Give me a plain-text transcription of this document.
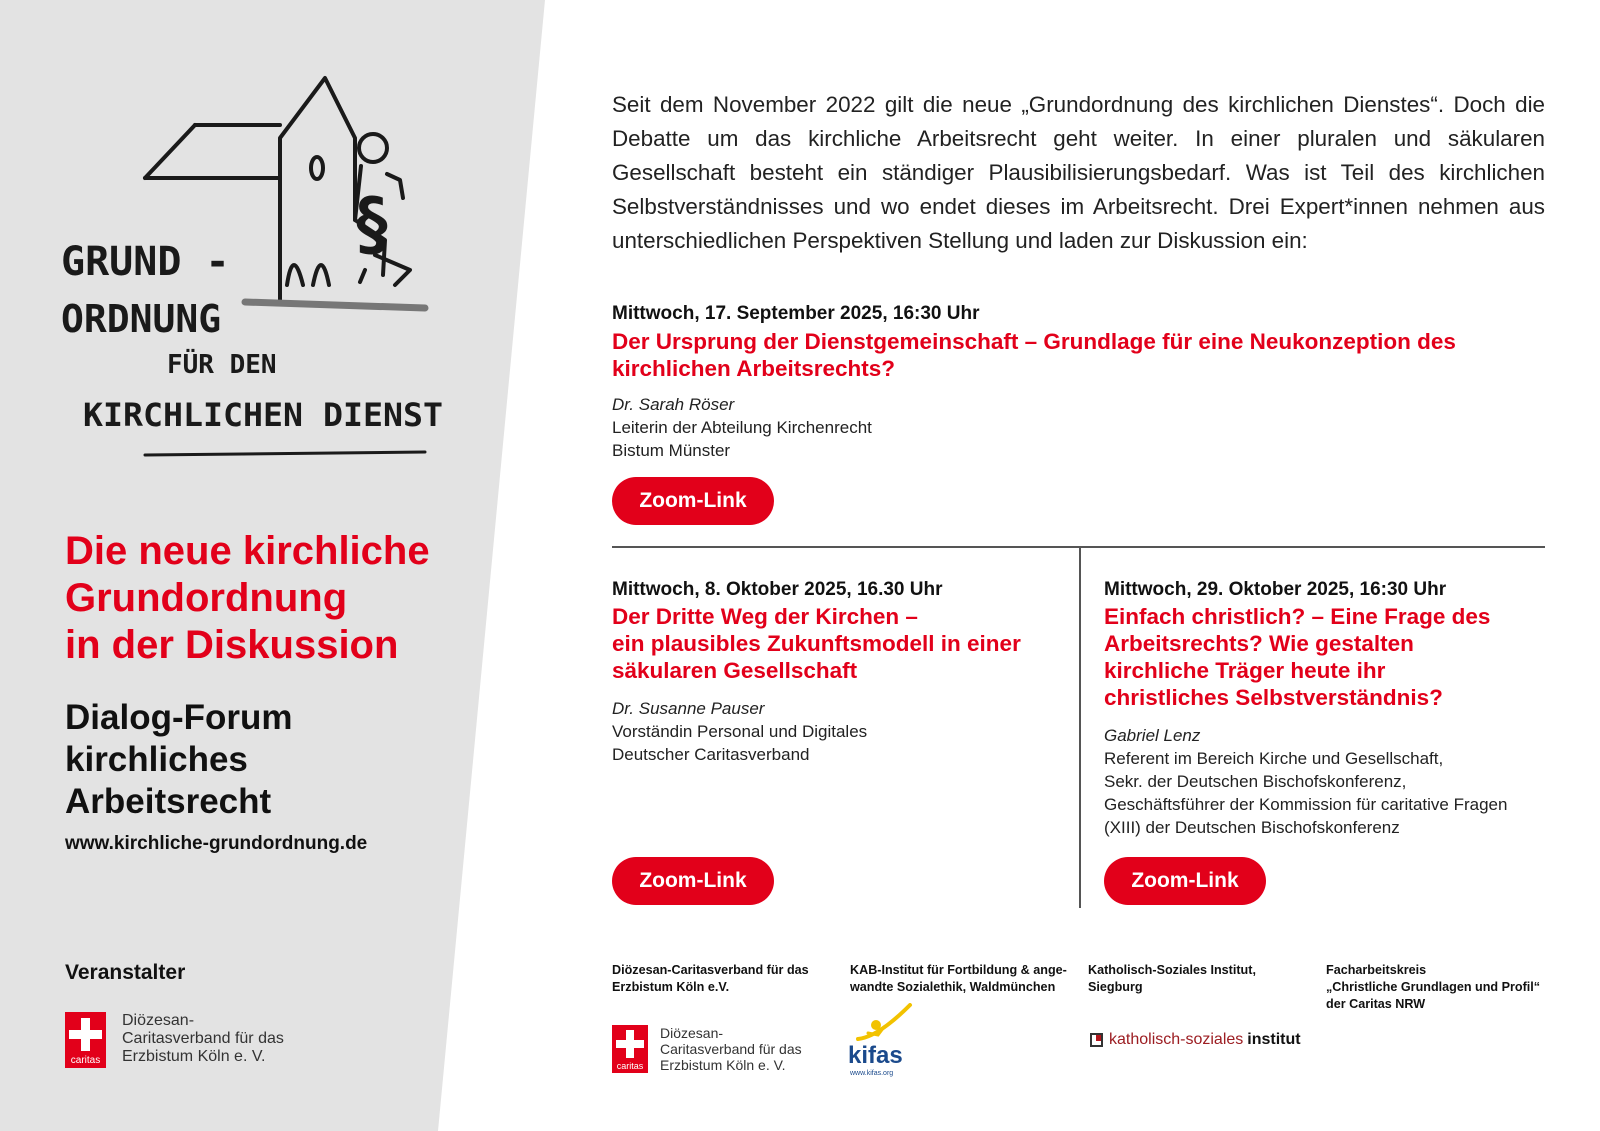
§
GRUND -
ORDNUNG
FÜR DEN
KIRCHLICHEN DIENST
Die neue kirchliche
Grundordnung
in der Diskussion
Dialog-Forum
kirchliches
Arbeitsrecht
www.kirchliche-grundordnung.de
Veranstalter
caritas
Diözesan-
Caritasverband für das
Erzbistum Köln e. V.

Seit dem November 2022 gilt die neue „Grundordnung des kirchlichen Dienstes“. Doch die Debatte um das kirchliche Arbeitsrecht geht weiter. In einer pluralen und säkularen Gesellschaft besteht ein ständiger Plausibilisierungsbedarf. Was ist Teil des kirchlichen Selbstverständnisses und wo endet dieses im Arbeitsrecht. Drei Expert*innen nehmen aus unterschiedlichen Perspektiven Stellung und laden zur Diskussion ein:

Mittwoch, 17. September 2025, 16:30 Uhr
Der Ursprung der Dienstgemeinschaft – Grundlage für eine Neukonzeption des
kirchlichen Arbeitsrechts?
Dr. Sarah Röser
Leiterin der Abteilung Kirchenrecht
Bistum Münster
Zoom-Link
Mittwoch, 8. Oktober 2025, 16.30 Uhr
Der Dritte Weg der Kirchen –
ein plausibles Zukunftsmodell in einer
säkularen Gesellschaft
Dr. Susanne Pauser
Vorständin Personal und Digitales
Deutscher Caritasverband
Zoom-Link
Mittwoch, 29. Oktober 2025, 16:30 Uhr
Einfach christlich? – Eine Frage des
Arbeitsrechts? Wie gestalten
kirchliche Träger heute ihr
christliches Selbstverständnis?
Gabriel Lenz
Referent im Bereich Kirche und Gesellschaft,
Sekr. der Deutschen Bischofskonferenz,
Geschäftsführer der Kommission für caritative Fragen
(XIII) der Deutschen Bischofskonferenz
Zoom-Link
Diözesan-Caritasverband für das
Erzbistum Köln e.V.
KAB-Institut für Fortbildung & ange-
wandte Sozialethik, Waldmünchen
Katholisch-Soziales Institut,
Siegburg
Facharbeitskreis
„Christliche Grundlagen und Profil“
der Caritas NRW
caritas
Diözesan-
Caritasverband für das
Erzbistum Köln e. V.	kifas
www.kifas.org
katholisch-soziales institut
